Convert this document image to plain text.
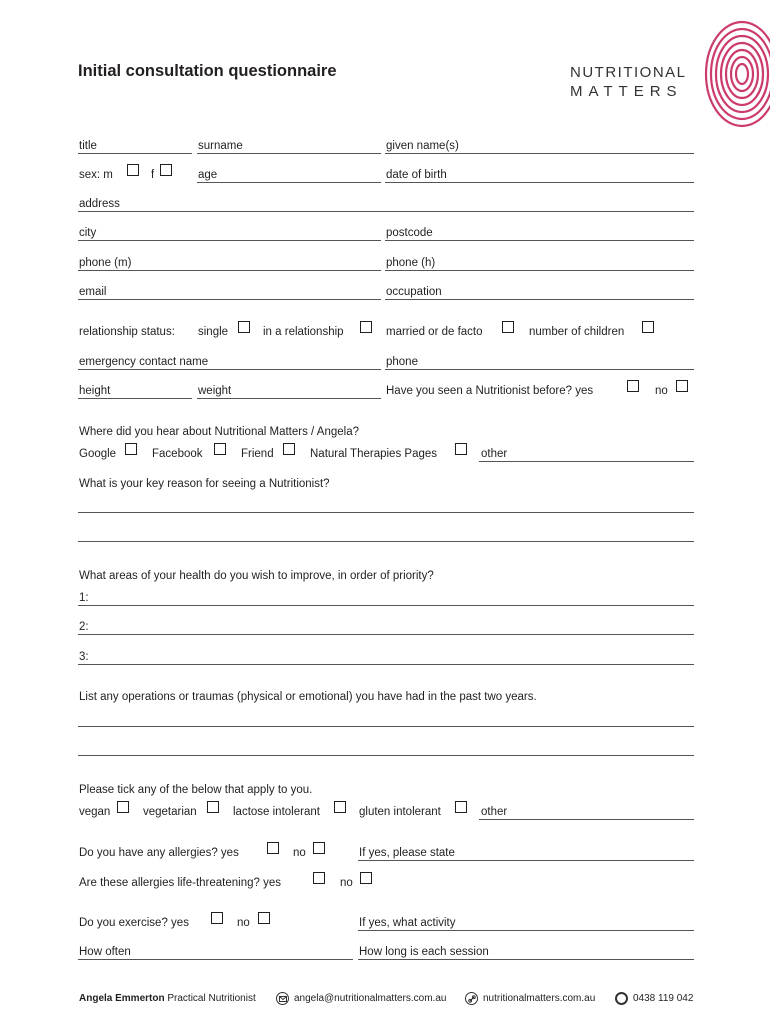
Initial consultation questionnaire	NUTRITIONAL
MATTERS
title	surname	given name(s)
sex: m	f	age	date of birth
address
city	postcode
phone (m)	phone (h)
email	occupation
relationship status: single	in a relationship	married or de facto	number of children
emergency contact name	phone
height	weight	Have you seen a Nutritionist before? yes	no
Where did you hear about Nutritional Matters / Angela?
Google	Facebook	Friend	Natural Therapies Pages	other
What is your key reason for seeing a Nutritionist?
What areas of your health do you wish to improve, in order of priority?
1:
2:
3:
List any operations or traumas (physical or emotional) you have had in the past two years.
Please tick any of the below that apply to you.
vegan	vegetarian	lactose intolerant	gluten intolerant	other
Do you have any allergies? yes	no	If yes, please state
Are these allergies life-threatening? yes	no
Do you exercise? yes	no	If yes, what activity
How often	How long is each session
Angela Emmerton Practical Nutritionist	angela@nutritionalmatters.com.au	nutritionalmatters.com.au	0438 119 042
